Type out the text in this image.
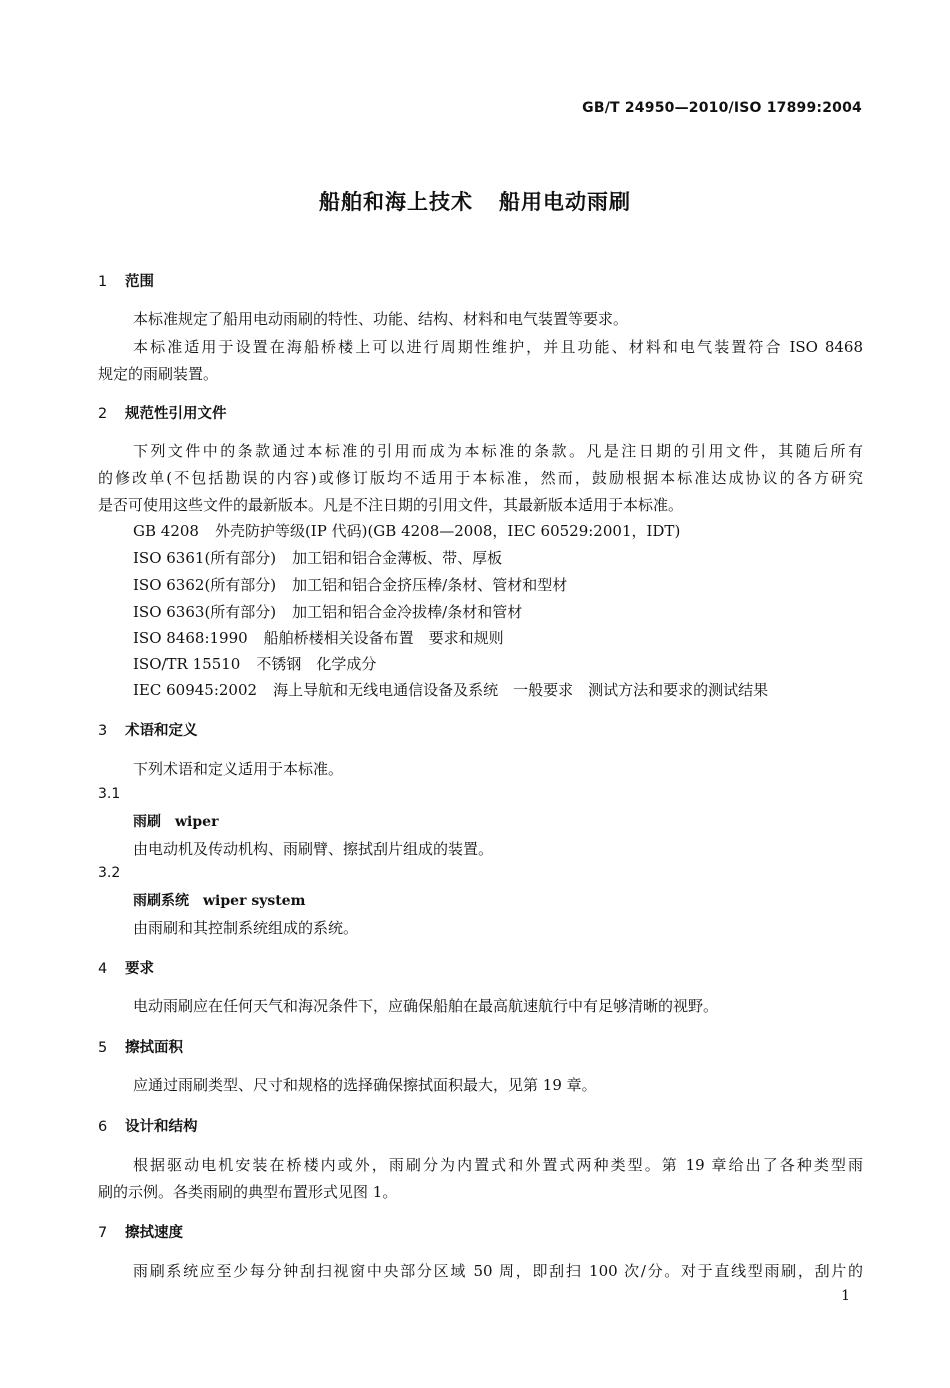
GB/T 24950—2010/ISO 17899:2004
船舶和海上技术 船用电动雨刷
1 范围
本标准规定了船用电动雨刷的特性、功能、结构、材料和电气装置等要求。
本标准适用于设置在海船桥楼上可以进行周期性维护，并且功能、材料和电气装置符合 ISO 8468
规定的雨刷装置。
2 规范性引用文件
下列文件中的条款通过本标准的引用而成为本标准的条款。凡是注日期的引用文件，其随后所有
的修改单(不包括勘误的内容)或修订版均不适用于本标准，然而，鼓励根据本标准达成协议的各方研究
是否可使用这些文件的最新版本。凡是不注日期的引用文件，其最新版本适用于本标准。
GB 4208 外壳防护等级(IP 代码)(GB 4208—2008，IEC 60529:2001，IDT)
ISO 6361(所有部分) 加工铝和铝合金薄板、带、厚板
ISO 6362(所有部分) 加工铝和铝合金挤压棒/条材、管材和型材
ISO 6363(所有部分) 加工铝和铝合金冷拔棒/条材和管材
ISO 8468:1990 船舶桥楼相关设备布置　要求和规则
ISO/TR 15510 不锈钢　化学成分
IEC 60945:2002 海上导航和无线电通信设备及系统　一般要求　测试方法和要求的测试结果
3 术语和定义
下列术语和定义适用于本标准。
3.1
雨刷 wiper
由电动机及传动机构、雨刷臂、擦拭刮片组成的装置。
3.2
雨刷系统 wiper system
由雨刷和其控制系统组成的系统。
4 要求
电动雨刷应在任何天气和海况条件下，应确保船舶在最高航速航行中有足够清晰的视野。
5 擦拭面积
应通过雨刷类型、尺寸和规格的选择确保擦拭面积最大，见第 19 章。
6 设计和结构
根据驱动电机安装在桥楼内或外，雨刷分为内置式和外置式两种类型。第 19 章给出了各种类型雨
刷的示例。各类雨刷的典型布置形式见图 1。
7 擦拭速度
雨刷系统应至少每分钟刮扫视窗中央部分区域 50 周，即刮扫 100 次/分。对于直线型雨刷，刮片的
1
